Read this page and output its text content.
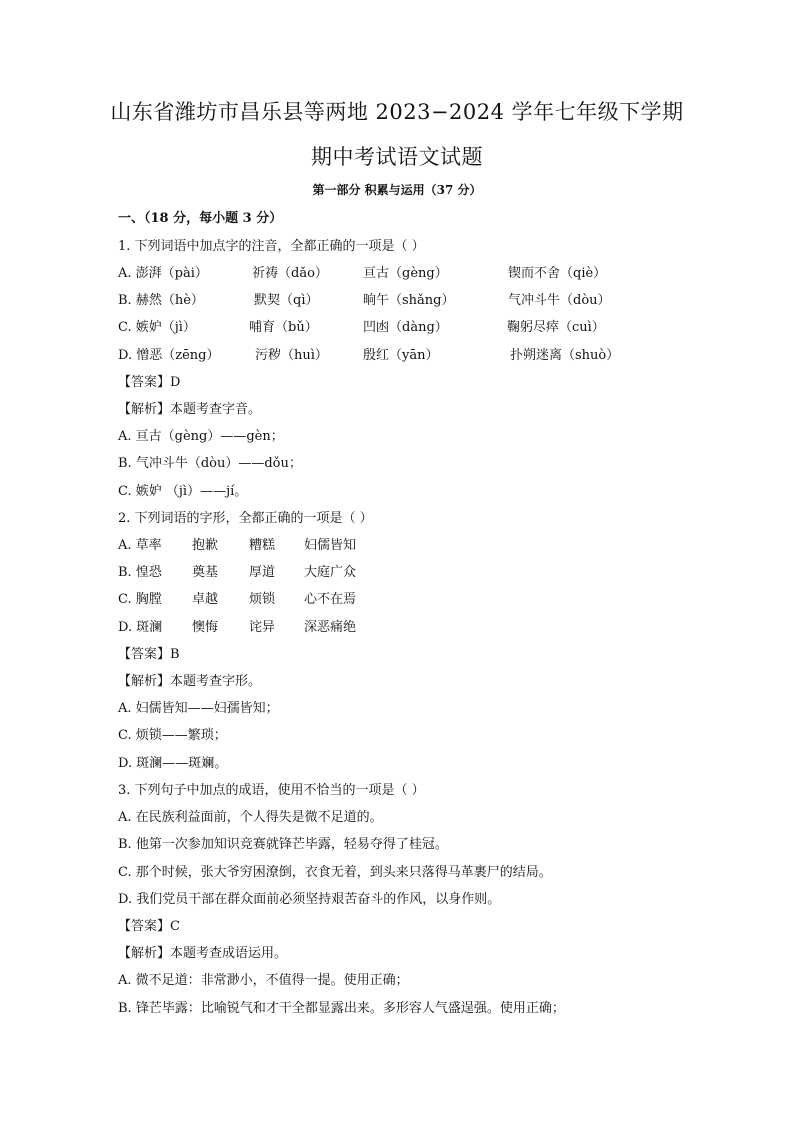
山东省潍坊市昌乐县等两地 2023−2024 学年七年级下学期
期中考试语文试题
第一部分 积累与运用（37 分）
一、（18 分，每小题 3 分）
1. 下列词语中加点字的注音，全都正确的一项是（ ）
A. 澎湃（pài）	祈祷（dǎo）	亘古（gèng）	锲而不舍（qiè）
B. 赫然（hè）	默契（qì）	晌午（shǎng）	气冲斗牛（dòu）
C. 嫉妒（jì）	哺育（bǔ）	凹凼（dàng）	鞠躬尽瘁（cuì）
D. 憎恶（zēng）	污秽（huì）	殷红（yān）	扑朔迷离（shuò）
【答案】D
【解析】本题考查字音。
A. 亘古（gèng）——gèn；
B. 气冲斗牛（dòu）——dǒu；
C. 嫉妒 （jì）——jí。
2. 下列词语的字形，全都正确的一项是（ ）
A. 草率 抱歉 糟糕 妇儒皆知
B. 惶恐 奠基 厚道 大庭广众
C. 胸膛 卓越 烦锁 心不在焉
D. 斑澜 懊悔 诧异 深恶痛绝
【答案】B
【解析】本题考查字形。
A. 妇儒皆知——妇孺皆知；
C. 烦锁——繁琐；
D. 斑澜——斑斓。
3. 下列句子中加点的成语，使用不恰当的一项是（ ）
A. 在民族利益面前，个人得失是微不足道的。
B. 他第一次参加知识竞赛就锋芒毕露，轻易夺得了桂冠。
C. 那个时候，张大爷穷困潦倒，衣食无着，到头来只落得马革裹尸的结局。
D. 我们党员干部在群众面前必须坚持艰苦奋斗的作风，以身作则。
【答案】C
【解析】本题考查成语运用。
A. 微不足道：非常渺小，不值得一提。使用正确；
B. 锋芒毕露：比喻锐气和才干全都显露出来。多形容人气盛逞强。使用正确；
